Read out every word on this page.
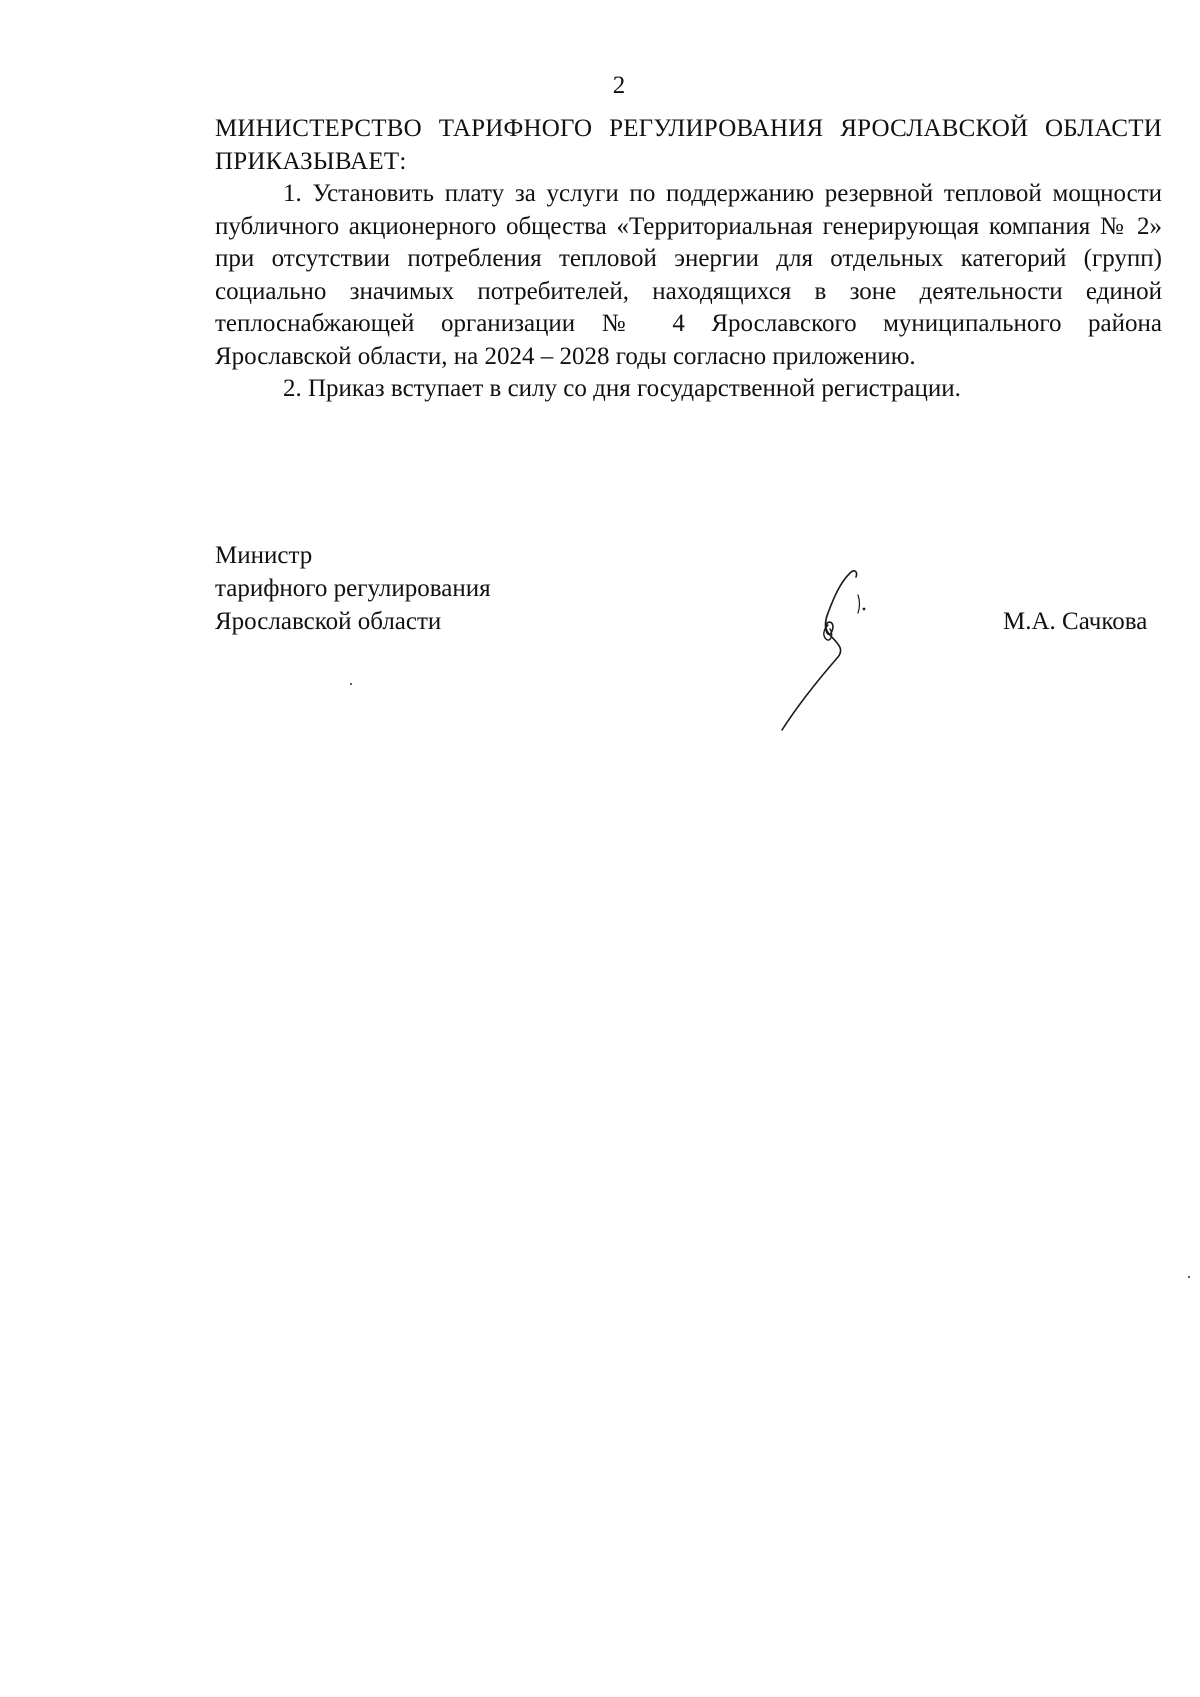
2

МИНИСТЕРСТВО ТАРИФНОГО РЕГУЛИРОВАНИЯ ЯРОСЛАВСКОЙ ОБЛАСТИ ПРИКАЗЫВАЕТ:

1. Установить плату за услуги по поддержанию резервной тепловой мощности публичного акционерного общества «Территориальная генерирующая компания № 2» при отсутствии потребления тепловой энергии для отдельных категорий (групп) социально значимых потребителей, находящихся в зоне деятельности единой теплоснабжающей организации № 4 Ярославского муниципального района Ярославской области, на 2024 – 2028 годы согласно приложению.

2. Приказ вступает в силу со дня государственной регистрации.

Министр
тарифного регулирования
Ярославской области	М.А. Сачкова
